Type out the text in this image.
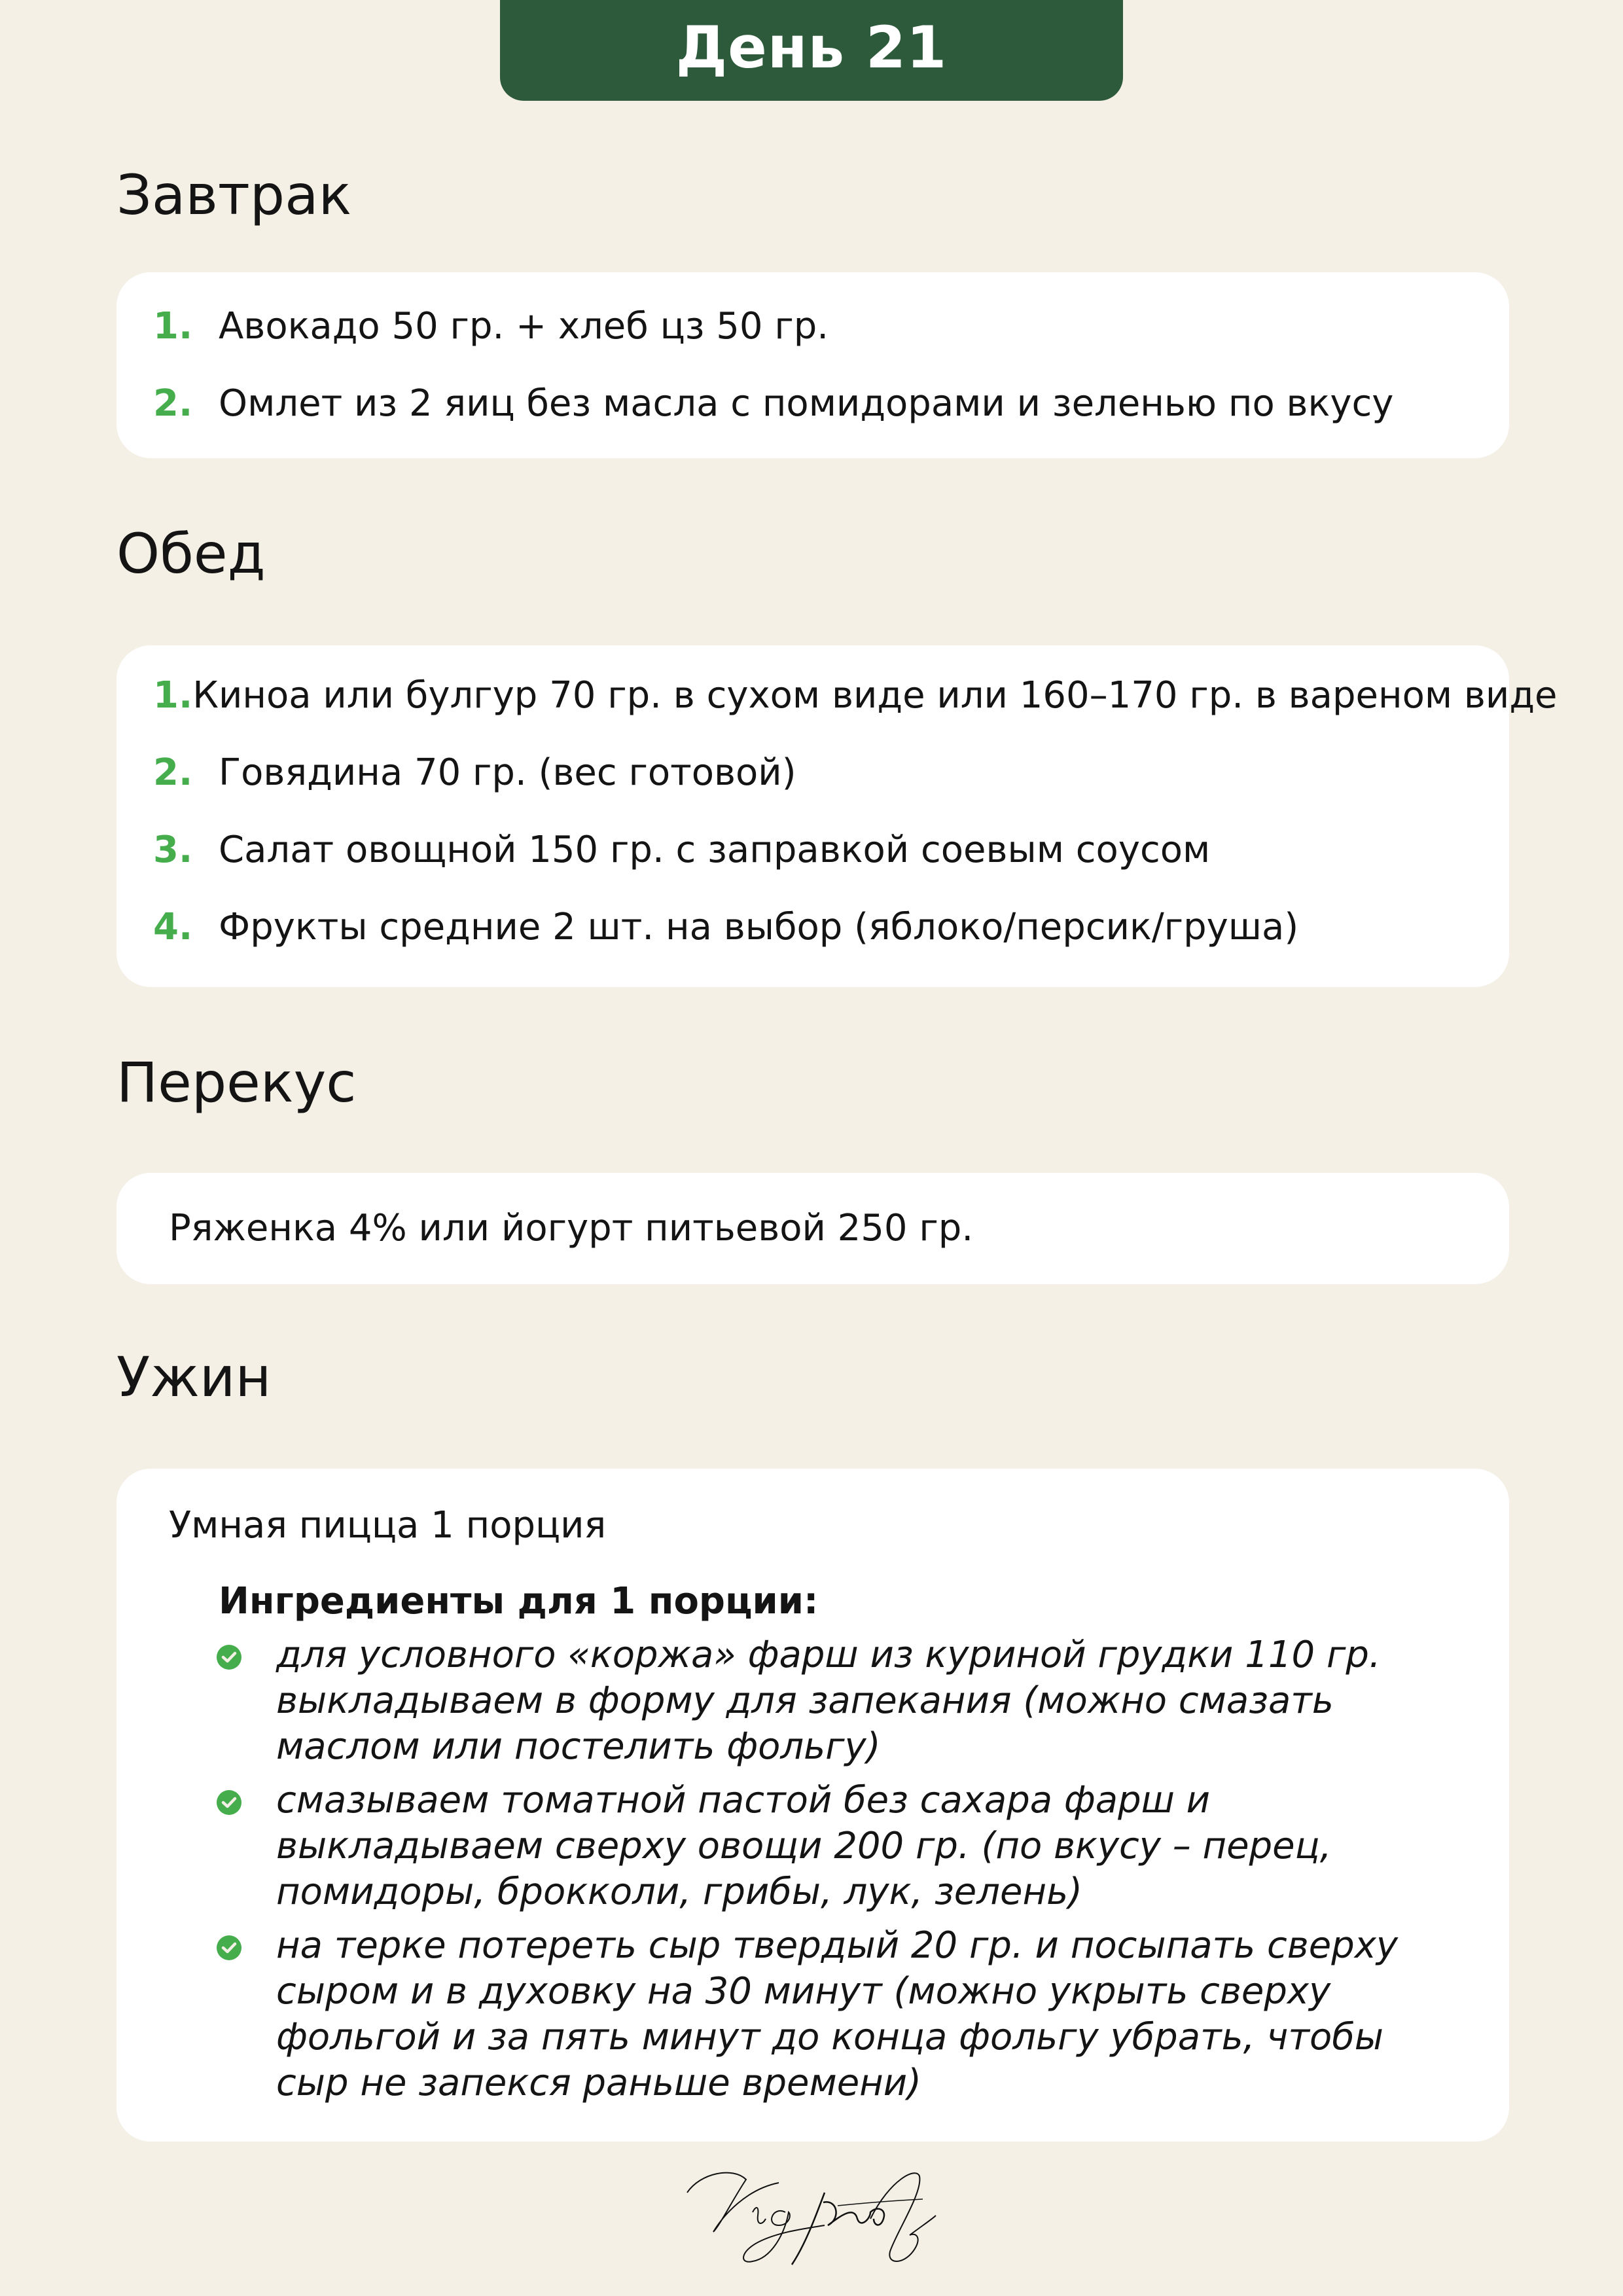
День 21
Завтрак
1. Авокадо 50 гр. + хлеб цз 50 гр.
2. Омлет из 2 яиц без масла с помидорами и зеленью по вкусу
Обед
1. Киноа или булгур 70 гр. в сухом виде или 160–170 гр. в вареном виде
2. Говядина 70 гр. (вес готовой)
3. Салат овощной 150 гр. с заправкой соевым соусом
4. Фрукты средние 2 шт. на выбор (яблоко/персик/груша)
Перекус
Ряженка 4% или йогурт питьевой 250 гр.
Ужин
Умная пицца 1 порция
Ингредиенты для 1 порции:
для условного «коржа» фарш из куриной грудки 110 гр. выкладываем в форму для запекания (можно смазать маслом или постелить фольгу)
смазываем томатной пастой без сахара фарш и выкладываем сверху овощи 200 гр. (по вкусу – перец, помидоры, брокколи, грибы, лук, зелень)
на терке потереть сыр твердый 20 гр. и посыпать сверху сыром и в духовку на 30 минут (можно укрыть сверху фольгой и за пять минут до конца фольгу убрать, чтобы сыр не запекся раньше времени)
